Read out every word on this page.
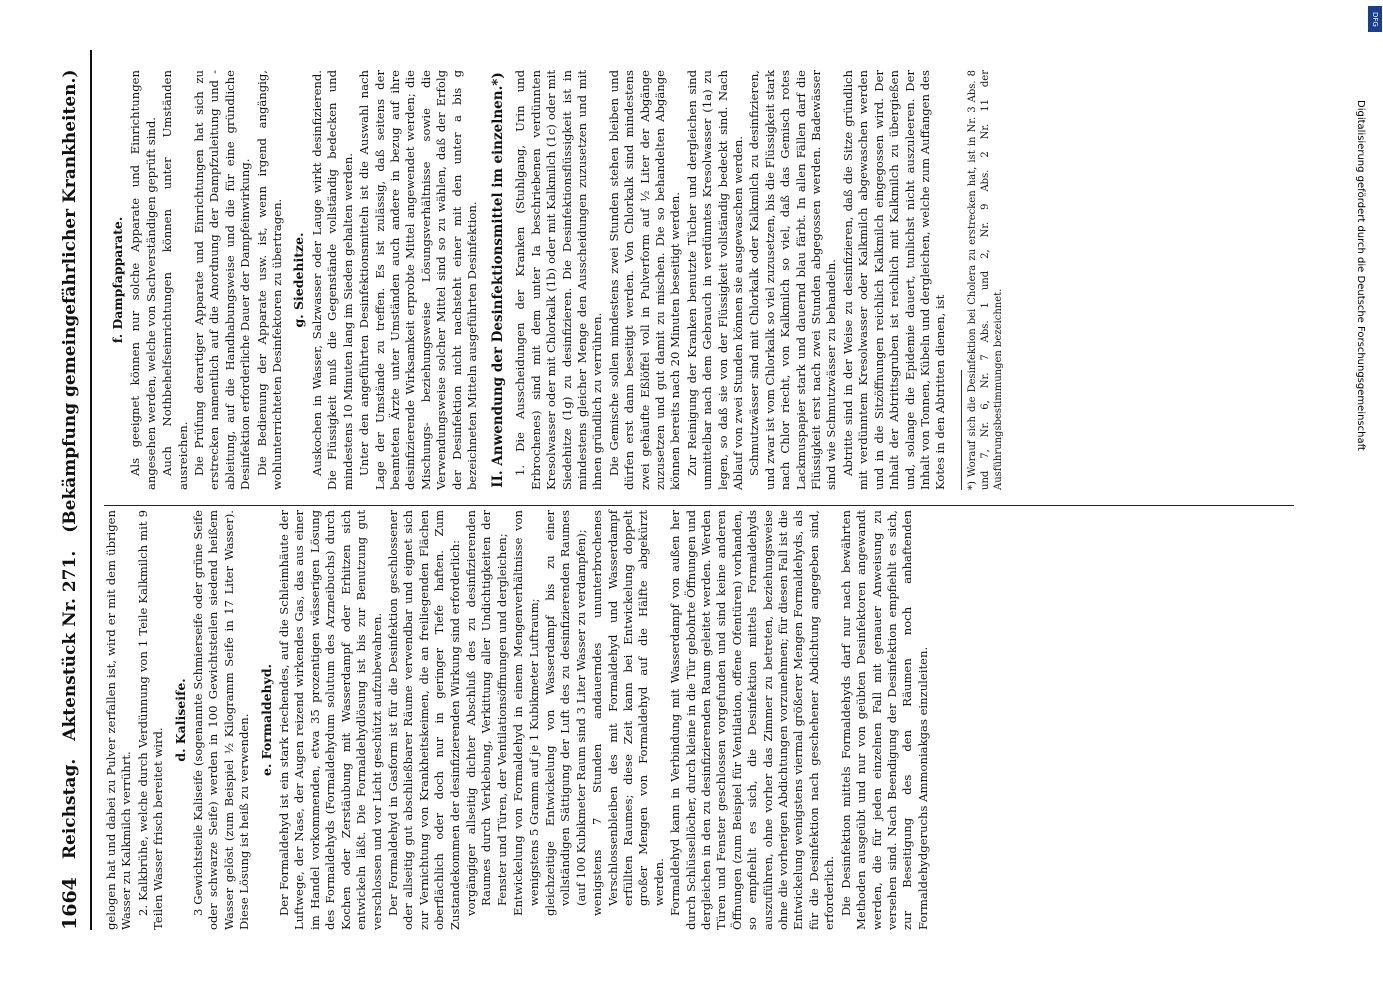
1664
Reichstag.
Aktenstück Nr. 271.
(Bekämpfung gemeingefährlicher Krankheiten.)

gelogen hat und dabei zu Pulver zerfallen ist, wird er mit dem übrigen Wasser zu Kalkmilch verrührt. 2. Kalkbrühe, welche durch Verdünnung von 1 Teile Kalkmilch mit 9 Teilen Wasser frisch bereitet wird.

d. Kaliseife. 3 Gewichtsteile Kaliseife (sogenannte Schmierseife oder grüne Seife oder schwarze Seife) werden in 100 Gewichtsteilen siedend heißem Wasser gelöst (zum Beispiel ½ Kilogramm Seife in 17 Liter Wasser). Diese Lösung ist heiß zu verwenden. e. Formaldehyd. Der Formaldehyd ist ein stark riechendes, auf die Schleimhäute der Luftwege, der Nase, der Augen reizend wirkendes Gas, das aus einer im Handel vorkommenden, etwa 35 prozentigen wässerigen Lösung des Formaldehyds (Formaldehydum solutum des Arzneibuchs) durch Kochen oder Zerstäubung mit Wasserdampf oder Erhitzen sich entwickeln läßt. Die Formaldehydlösung ist bis zur Benutzung gut verschlossen und vor Licht geschützt aufzubewahren. Der Formaldehyd in Gasform ist für die Desinfektion geschlossener oder allseitig gut abschließbarer Räume verwendbar und eignet sich zur Vernichtung von Krankheitskeimen, die an freiliegenden Flächen oberflächlich oder doch nur in geringer Tiefe haften. Zum Zustandekommen der desinfizierenden Wirkung sind erforderlich: vorgängiger allseitig dichter Abschluß des zu desinfizierenden Raumes durch Verklebung, Verkittung aller Undichtigkeiten der Fenster und Türen, der Ventilationsöffnungen und dergleichen; Entwickelung von Formaldehyd in einem Mengenverhältnisse von wenigstens 5 Gramm auf je 1 Kubikmeter Luftraum; gleichzeitige Entwickelung von Wasserdampf bis zu einer vollständigen Sättigung der Luft des zu desinfizierenden Raumes (auf 100 Kubikmeter Raum sind 3 Liter Wasser zu verdampfen); wenigstens 7 Stunden andauerndes ununterbrochenes Verschlossenbleiben des mit Formaldehyd und Wasserdampf erfüllten Raumes; diese Zeit kann bei Entwickelung doppelt großer Mengen von Formaldehyd auf die Hälfte abgekürzt werden. Formaldehyd kann in Verbindung mit Wasserdampf von außen her durch Schlüssellöcher, durch kleine in die Tür gebohrte Öffnungen und dergleichen in den zu desinfizierenden Raum geleitet werden. Werden Türen und Fenster geschlossen vorgefunden und sind keine anderen Öffnungen (zum Beispiel für Ventilation, offene Ofentüren) vorhanden, so empfiehlt es sich, die Desinfektion mittels Formaldehyds auszuführen, ohne vorher das Zimmer zu betreten, beziehungsweise ohne die vorherigen Abdichtungen vorzunehmen; für diesen Fall ist die Entwickelung wenigstens viermal größerer Mengen Formaldehyds, als für die Desinfektion nach geschehener Abdichtung angegeben sind, erforderlich. Die Desinfektion mittels Formaldehyds darf nur nach bewährten Methoden ausgeübt und nur von geübten Desinfektoren angewandt werden, die für jeden einzelnen Fall mit genauer Anweisung zu versehen sind. Nach Beendigung der Desinfektion empfiehlt es sich, zur Beseitigung des den Räumen noch anhaftenden Formaldehydgeruchs Ammoniakgas einzuleiten.

f. Dampfapparate. Als geeignet können nur solche Apparate und Einrichtungen angesehen werden, welche von Sachverständigen geprüft sind. Auch Nothbehelfseinrichtungen können unter Umständen ausreichen. Die Prüfung derartiger Apparate und Einrichtungen hat sich zu erstrecken namentlich auf die Anordnung der Dampfzuleitung und -ableitung, auf die Handhabungsweise und die für eine gründliche Desinfektion erforderliche Dauer der Dampfeinwirkung. Die Bedienung der Apparate usw. ist, wenn irgend angängig, wohlunterrichteten Desinfektoren zu übertragen. g. Siedehitze. Auskochen in Wasser, Salzwasser oder Lauge wirkt desinfizierend. Die Flüssigkeit muß die Gegenstände vollständig bedecken und mindestens 10 Minuten lang im Sieden gehalten werden. Unter den angeführten Desinfektionsmitteln ist die Auswahl nach Lage der Umstände zu treffen. Es ist zulässig, daß seitens der beamteten Ärzte unter Umständen auch andere in bezug auf ihre desinfizierende Wirksamkeit erprobte Mittel angewendet werden; die Mischungs- beziehungsweise Lösungsverhältnisse sowie die Verwendungsweise solcher Mittel sind so zu wählen, daß der Erfolg der Desinfektion nicht nachsteht einer mit den unter a bis g bezeichneten Mitteln ausgeführten Desinfektion. II. Anwendung der Desinfektionsmittel im einzelnen.*) 1. Die Ausscheidungen der Kranken (Stuhlgang, Urin und Erbrochenes) sind mit dem unter Ia beschriebenen verdünnten Kresolwasser oder mit Chlorkalk (1b) oder mit Kalkmilch (1c) oder mit Siedehitze (1g) zu desinfizieren. Die Desinfektionsflüssigkeit ist in mindestens gleicher Menge den Ausscheidungen zuzusetzen und mit ihnen gründlich zu verrühren. Die Gemische sollen mindestens zwei Stunden stehen bleiben und dürfen erst dann beseitigt werden. Von Chlorkalk sind mindestens zwei gehäufte Eßlöffel voll in Pulverform auf ½ Liter der Abgänge zuzusetzen und gut damit zu mischen. Die so behandelten Abgänge können bereits nach 20 Minuten beseitigt werden. Zur Reinigung der Kranken benutzte Tücher und dergleichen sind unmittelbar nach dem Gebrauch in verdünntes Kresolwasser (1a) zu legen, so daß sie von der Flüssigkeit vollständig bedeckt sind. Nach Ablauf von zwei Stunden können sie ausgewaschen werden. Schmutzwässer sind mit Chlorkalk oder Kalkmilch zu desinfizieren, und zwar ist vom Chlorkalk so viel zuzusetzen, bis die Flüssigkeit stark nach Chlor riecht, von Kalkmilch so viel, daß das Gemisch rotes Lackmuspapier stark und dauernd blau färbt. In allen Fällen darf die Flüssigkeit erst nach zwei Stunden abgegossen werden. Badewässer sind wie Schmutzwässer zu behandeln. Abtritte sind in der Weise zu desinfizieren, daß die Sitze gründlich mit verdünntem Kresolwasser oder Kalkmilch abgewaschen werden und in die Sitzöffnungen reichlich Kalkmilch eingegossen wird. Der Inhalt der Abtrittsgruben ist reichlich mit Kalkmilch zu übergießen und, solange die Epidemie dauert, tunlichst nicht auszuleeren. Der Inhalt von Tonnen, Kübeln und dergleichen, welche zum Auffangen des Kotes in den Abtritten dienen, ist *) Worauf sich die Desinfektion bei Cholera zu erstrecken hat, ist in Nr. 3 Abs. 8 und 7, Nr. 6, Nr. 7 Abs. 1 und 2, Nr. 9 Abs. 2 Nr. 11 der Ausführungsbestimmungen bezeichnet.
DFG
Digitalisierung gefördert durch die Deutsche Forschungsgemeinschaft
